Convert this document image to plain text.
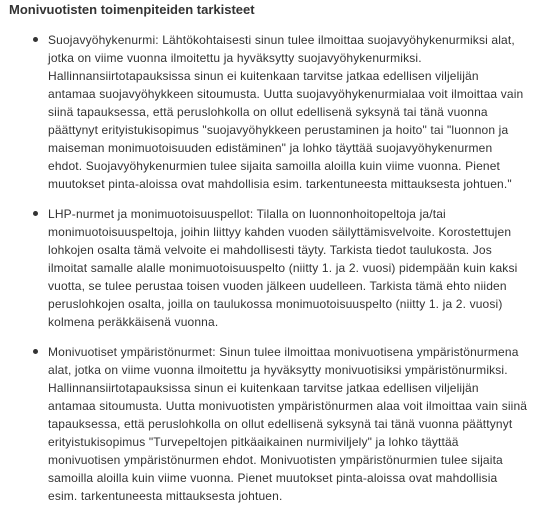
Monivuotisten toimenpiteiden tarkisteet
Suojavyöhykenurmi: Lähtökohtaisesti sinun tulee ilmoittaa suojavyöhykenurmiksi alat,
jotka on viime vuonna ilmoitettu ja hyväksytty suojavyöhykenurmiksi.
Hallinnansiirtotapauksissa sinun ei kuitenkaan tarvitse jatkaa edellisen viljelijän
antamaa suojavyöhykkeen sitoumusta. Uutta suojavyöhykenurmialaa voit ilmoittaa vain
siinä tapauksessa, että peruslohkolla on ollut edellisenä syksynä tai tänä vuonna
päättynyt erityistukisopimus "suojavyöhykkeen perustaminen ja hoito" tai "luonnon ja
maiseman monimuotoisuuden edistäminen" ja lohko täyttää suojavyöhykenurmen
ehdot. Suojavyöhykenurmien tulee sijaita samoilla aloilla kuin viime vuonna. Pienet
muutokset pinta-aloissa ovat mahdollisia esim. tarkentuneesta mittauksesta johtuen."
LHP-nurmet ja monimuotoisuuspellot: Tilalla on luonnonhoitopeltoja ja/tai
monimuotoisuuspeltoja, joihin liittyy kahden vuoden säilyttämisvelvoite. Korostettujen
lohkojen osalta tämä velvoite ei mahdollisesti täyty. Tarkista tiedot taulukosta. Jos
ilmoitat samalle alalle monimuotoisuuspelto (niitty 1. ja 2. vuosi) pidempään kuin kaksi
vuotta, se tulee perustaa toisen vuoden jälkeen uudelleen. Tarkista tämä ehto niiden
peruslohkojen osalta, joilla on taulukossa monimuotoisuuspelto (niitty 1. ja 2. vuosi)
kolmena peräkkäisenä vuonna.
Monivuotiset ympäristönurmet: Sinun tulee ilmoittaa monivuotisena ympäristönurmena
alat, jotka on viime vuonna ilmoitettu ja hyväksytty monivuotisiksi ympäristönurmiksi.
Hallinnansiirtotapauksissa sinun ei kuitenkaan tarvitse jatkaa edellisen viljelijän
antamaa sitoumusta. Uutta monivuotisten ympäristönurmen alaa voit ilmoittaa vain siinä
tapauksessa, että peruslohkolla on ollut edellisenä syksynä tai tänä vuonna päättynyt
erityistukisopimus "Turvepeltojen pitkäaikainen nurmiviljely" ja lohko täyttää
monivuotisen ympäristönurmen ehdot. Monivuotisten ympäristönurmien tulee sijaita
samoilla aloilla kuin viime vuonna. Pienet muutokset pinta-aloissa ovat mahdollisia
esim. tarkentuneesta mittauksesta johtuen.
